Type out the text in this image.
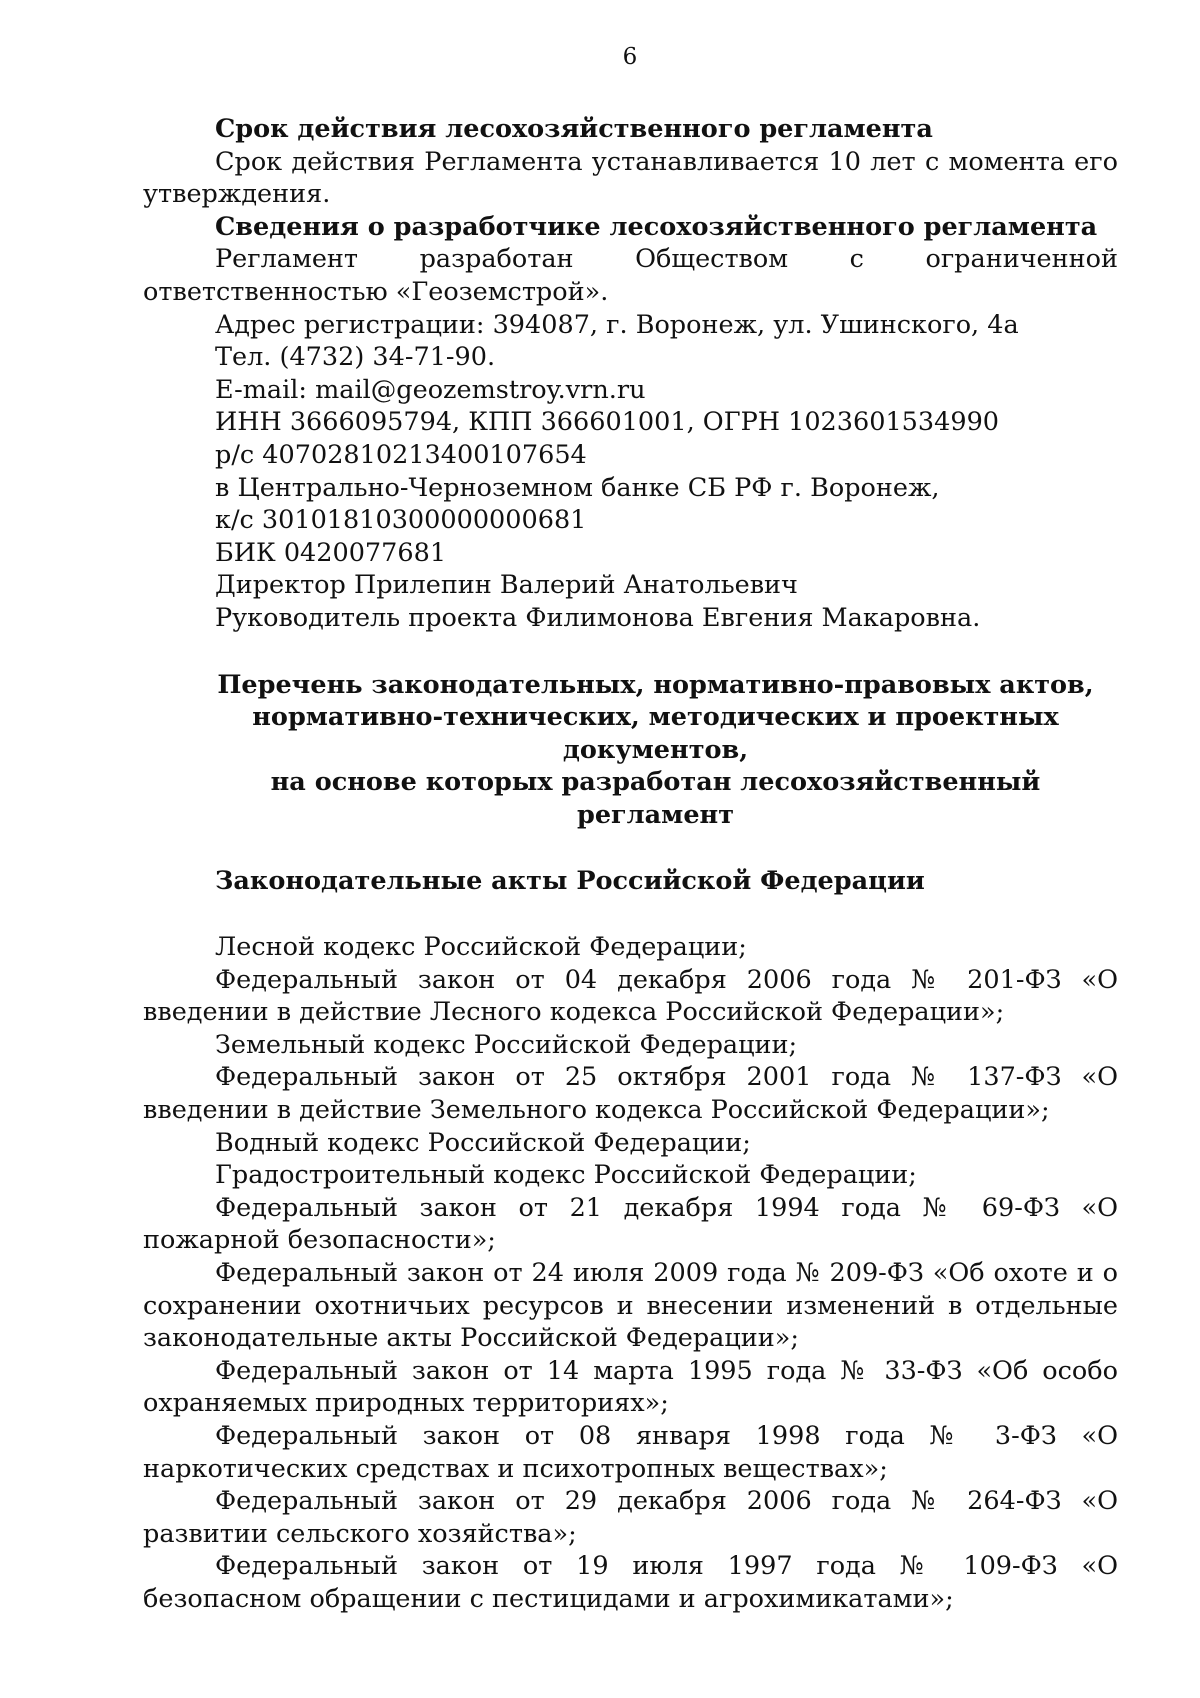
6

Срок действия лесохозяйственного регламента

Срок действия Регламента устанавливается 10 лет с момента его утверждения.

Сведения о разработчике лесохозяйственного регламента

Регламент разработан Обществом с ограниченной ответственностью «Геоземстрой».

Адрес регистрации: 394087, г. Воронеж, ул. Ушинского, 4а

Тел. (4732) 34-71-90.

E-mail: mail@geozemstroy.vrn.ru

ИНН 3666095794, КПП 366601001, ОГРН 1023601534990

р/с 40702810213400107654

в Центрально-Черноземном банке СБ РФ г. Воронеж,

к/с 30101810300000000681

БИК 0420077681

Директор Прилепин Валерий Анатольевич

Руководитель проекта Филимонова Евгения Макаровна.

Перечень законодательных, нормативно-правовых актов,
нормативно-технических, методических и проектных документов,
на основе которых разработан лесохозяйственный регламент

Законодательные акты Российской Федерации

Лесной кодекс Российской Федерации;

Федеральный закон от 04 декабря 2006 года № 201-ФЗ «О введении в действие Лесного кодекса Российской Федерации»;

Земельный кодекс Российской Федерации;

Федеральный закон от 25 октября 2001 года № 137-ФЗ «О введении в действие Земельного кодекса Российской Федерации»;

Водный кодекс Российской Федерации;

Градостроительный кодекс Российской Федерации;

Федеральный закон от 21 декабря 1994 года № 69-ФЗ «О пожарной безопасности»;

Федеральный закон от 24 июля 2009 года № 209-ФЗ «Об охоте и о сохранении охотничьих ресурсов и внесении изменений в отдельные законодательные акты Российской Федерации»;

Федеральный закон от 14 марта 1995 года № 33-ФЗ «Об особо охраняемых природных территориях»;

Федеральный закон от 08 января 1998 года № 3-ФЗ «О наркотических средствах и психотропных веществах»;

Федеральный закон от 29 декабря 2006 года № 264-ФЗ «О развитии сельского хозяйства»;

Федеральный закон от 19 июля 1997 года № 109-ФЗ «О безопасном обращении с пестицидами и агрохимикатами»;
